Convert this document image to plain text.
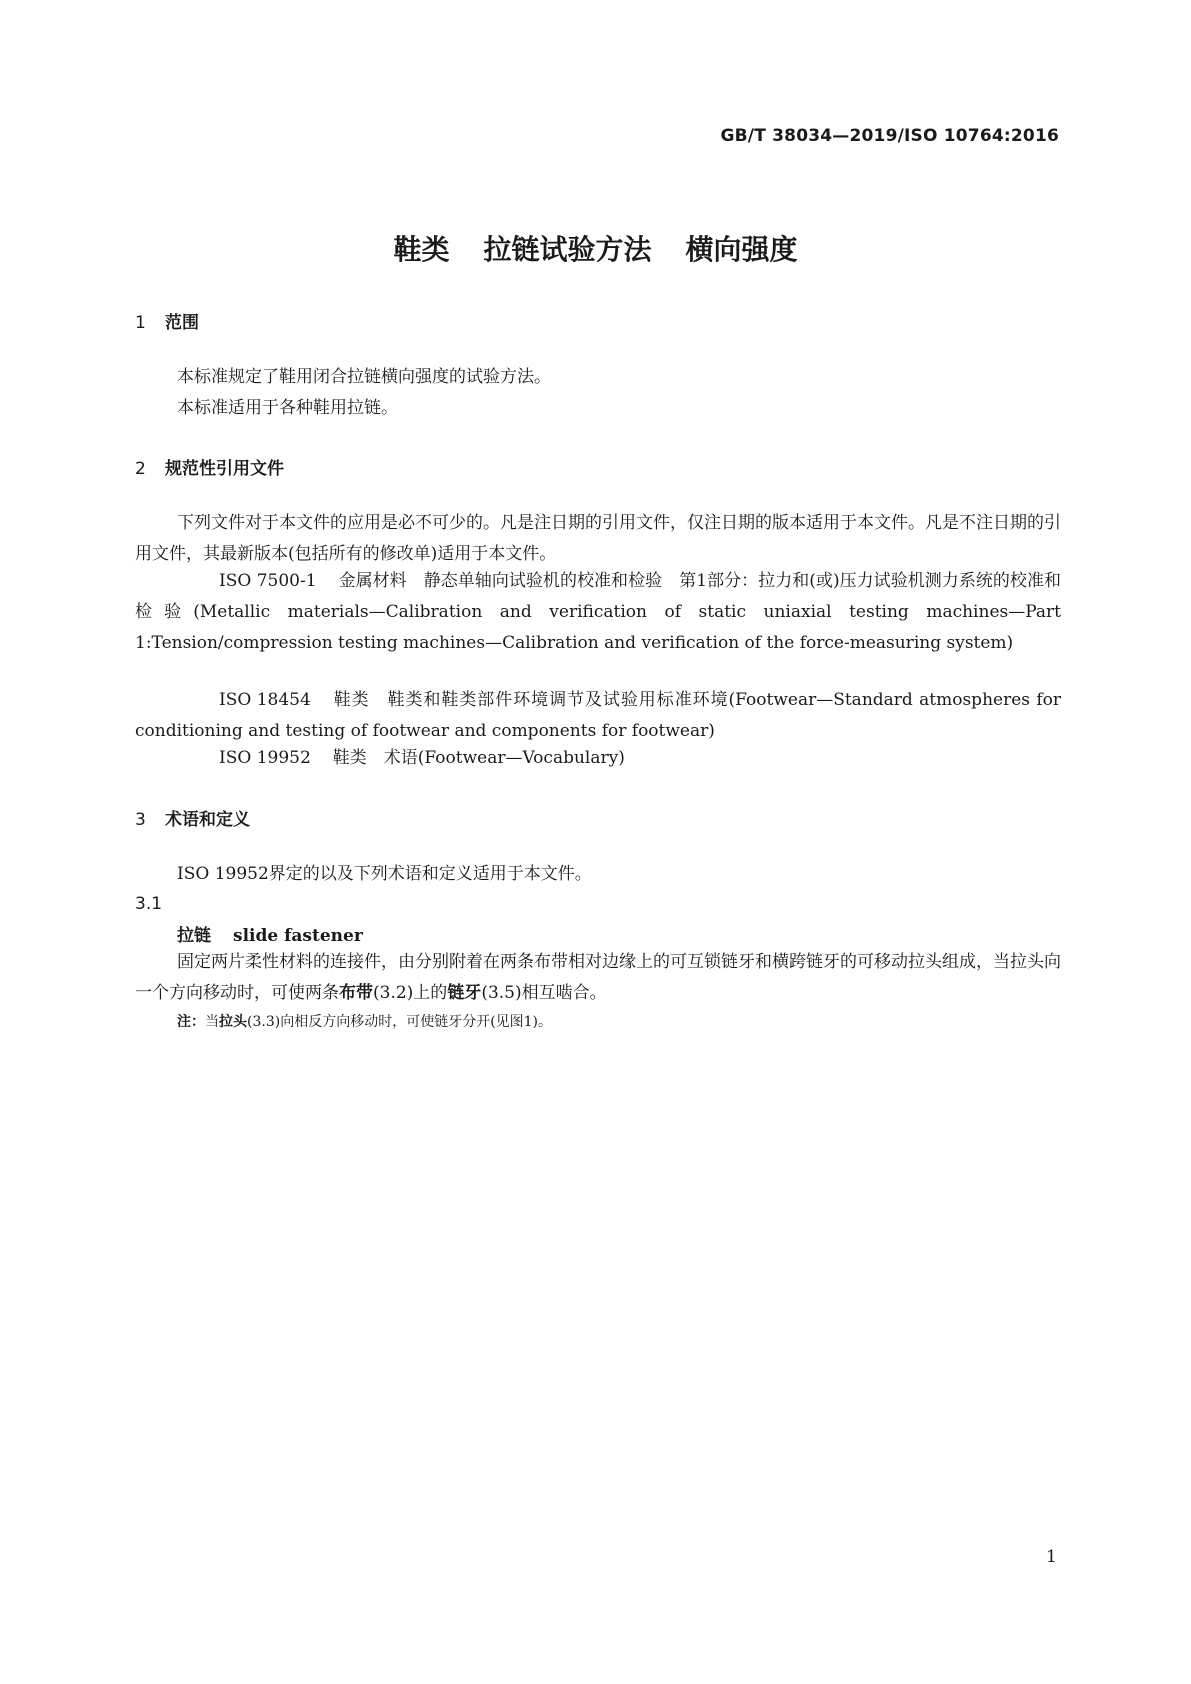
GB/T 38034—2019/ISO 10764:2016
鞋类 拉链试验方法 横向强度
1 范围
本标准规定了鞋用闭合拉链横向强度的试验方法。
本标准适用于各种鞋用拉链。
2 规范性引用文件
下列文件对于本文件的应用是必不可少的。凡是注日期的引用文件，仅注日期的版本适用于本文件。凡是不注日期的引用文件，其最新版本(包括所有的修改单)适用于本文件。
ISO 7500-1 金属材料　静态单轴向试验机的校准和检验　第1部分：拉力和(或)压力试验机测力系统的校准和检验(Metallic materials—Calibration and verification of static uniaxial testing machines—Part 1:Tension/compression testing machines—Calibration and verification of the force-measuring system)
ISO 18454 鞋类　鞋类和鞋类部件环境调节及试验用标准环境(Footwear—Standard atmospheres for conditioning and testing of footwear and components for footwear)
ISO 19952 鞋类　术语(Footwear—Vocabulary)
3 术语和定义
ISO 19952界定的以及下列术语和定义适用于本文件。
3.1
拉链 slide fastener
固定两片柔性材料的连接件，由分别附着在两条布带相对边缘上的可互锁链牙和横跨链牙的可移动拉头组成，当拉头向一个方向移动时，可使两条布带(3.2)上的链牙(3.5)相互啮合。
注：当拉头(3.3)向相反方向移动时，可使链牙分开(见图1)。
1
